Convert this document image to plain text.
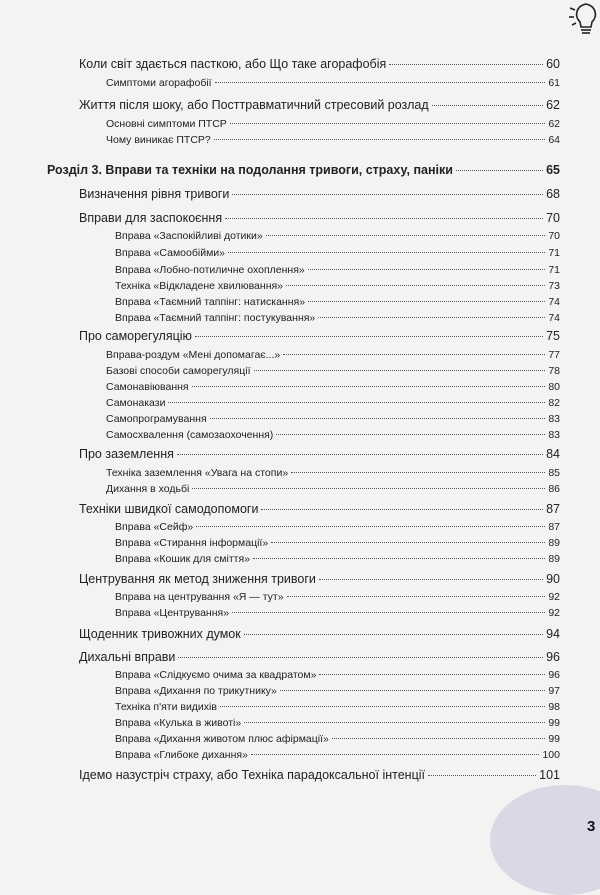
Коли світ здається пасткою, або Що таке агорафобія	60
Симптоми агорафобії	61
Життя після шоку, або Посттравматичний стресовий розлад	62
Основні симптоми ПТСР	62
Чому виникає ПТСР?	64
Розділ 3. Вправи та техніки на подолання тривоги, страху, паніки	65
Визначення рівня тривоги	68
Вправи для заспокоєння	70
Вправа «Заспокійливі дотики»	70
Вправа «Самообійми»	71
Вправа «Лобно-потиличне охоплення»	71
Техніка «Відкладене хвилювання»	73
Вправа «Таємний таппінг: натискання»	74
Вправа «Таємний таппінг: постукування»	74
Про саморегуляцію	75
Вправа-роздум «Мені допомагає...»	77
Базові способи саморегуляції	78
Самонавіювання	80
Самонакази	82
Самопрограмування	83
Самосхвалення (самозаохочення)	83
Про заземлення	84
Техніка заземлення «Увага на стопи»	85
Дихання в ходьбі	86
Техніки швидкої самодопомоги	87
Вправа «Сейф»	87
Вправа «Стирання інформації»	89
Вправа «Кошик для сміття»	89
Центрування як метод зниження тривоги	90
Вправа на центрування «Я — тут»	92
Вправа «Центрування»	92
Щоденник тривожних думок	94
Дихальні вправи	96
Вправа «Слідкуємо очима за квадратом»	96
Вправа «Дихання по трикутнику»	97
Техніка п'яти видихів	98
Вправа «Кулька в животі»	99
Вправа «Дихання животом плюс афірмації»	99
Вправа «Глибоке дихання»	100
Ідемо назустріч страху, або Техніка парадоксальної інтенції	101
3
